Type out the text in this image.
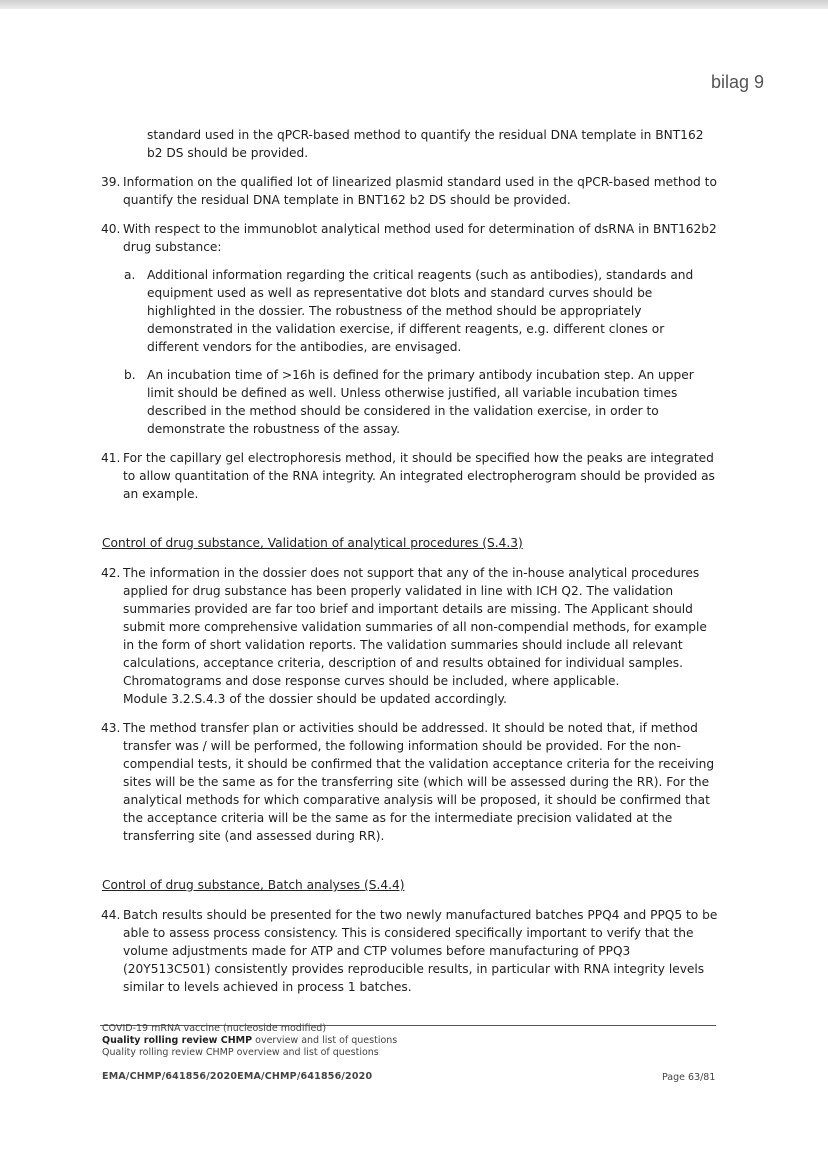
bilag 9

standard used in the qPCR-based method to quantify the residual DNA template in BNT162 b2 DS should be provided.

39. Information on the qualified lot of linearized plasmid standard used in the qPCR-based method to quantify the residual DNA template in BNT162 b2 DS should be provided.
40. With respect to the immunoblot analytical method used for determination of dsRNA in BNT162b2 drug substance:
a. Additional information regarding the critical reagents (such as antibodies), standards and equipment used as well as representative dot blots and standard curves should be highlighted in the dossier. The robustness of the method should be appropriately demonstrated in the validation exercise, if different reagents, e.g. different clones or different vendors for the antibodies, are envisaged.
b. An incubation time of >16h is defined for the primary antibody incubation step. An upper limit should be defined as well. Unless otherwise justified, all variable incubation times described in the method should be considered in the validation exercise, in order to demonstrate the robustness of the assay.
41. For the capillary gel electrophoresis method, it should be specified how the peaks are integrated to allow quantitation of the RNA integrity. An integrated electropherogram should be provided as an example.
Control of drug substance, Validation of analytical procedures (S.4.3)
42. The information in the dossier does not support that any of the in-house analytical procedures applied for drug substance has been properly validated in line with ICH Q2. The validation summaries provided are far too brief and important details are missing. The Applicant should submit more comprehensive validation summaries of all non-compendial methods, for example in the form of short validation reports. The validation summaries should include all relevant calculations, acceptance criteria, description of and results obtained for individual samples. Chromatograms and dose response curves should be included, where applicable.
Module 3.2.S.4.3 of the dossier should be updated accordingly.
43. The method transfer plan or activities should be addressed. It should be noted that, if method transfer was / will be performed, the following information should be provided. For the non-compendial tests, it should be confirmed that the validation acceptance criteria for the receiving sites will be the same as for the transferring site (which will be assessed during the RR). For the analytical methods for which comparative analysis will be proposed, it should be confirmed that the acceptance criteria will be the same as for the intermediate precision validated at the transferring site (and assessed during RR).
Control of drug substance, Batch analyses (S.4.4)
44. Batch results should be presented for the two newly manufactured batches PPQ4 and PPQ5 to be able to assess process consistency. This is considered specifically important to verify that the volume adjustments made for ATP and CTP volumes before manufacturing of PPQ3 (20Y513C501) consistently provides reproducible results, in particular with RNA integrity levels similar to levels achieved in process 1 batches.
COVID-19 mRNA vaccine (nucleoside modified)
Quality rolling review CHMP overview and list of questions
Quality rolling review CHMP overview and list of questions
EMA/CHMP/641856/2020EMA/CHMP/641856/2020	Page 63/81
